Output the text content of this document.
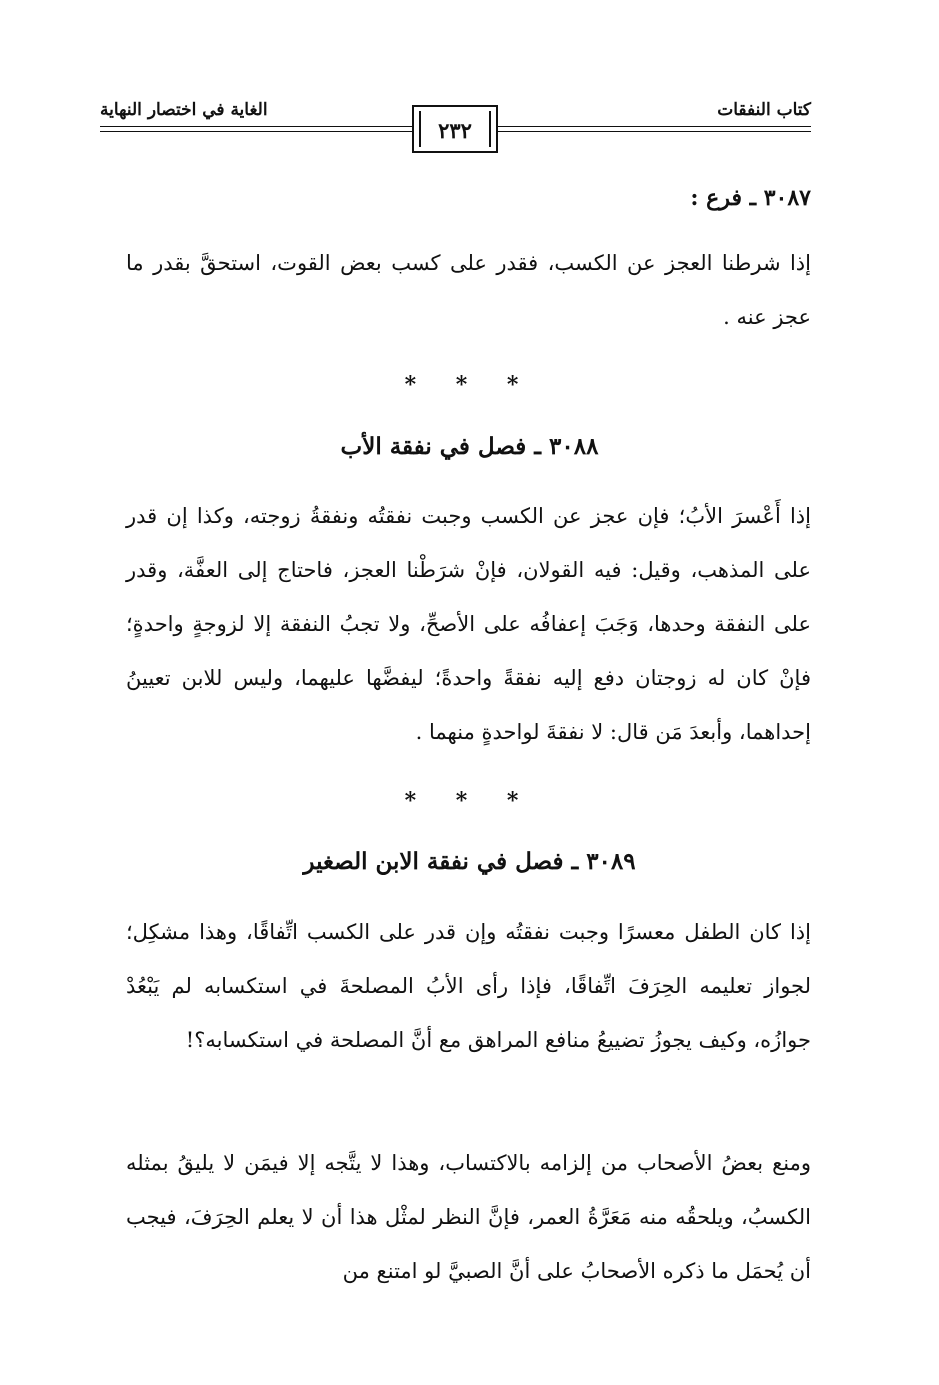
كتاب النفقات
الغاية في اختصار النهاية
٢٣٢
٣٠٨٧ ـ فرع :
إذا شرطنا العجز عن الكسب، فقدر على كسب بعض القوت، استحقَّ بقدر ما عجز عنه .
* * *
٣٠٨٨ ـ فصل في نفقة الأب
إذا أَعْسرَ الأبُ؛ فإن عجز عن الكسب وجبت نفقتُه ونفقةُ زوجته، وكذا إن قدر على المذهب، وقيل: فيه القولان، فإنْ شرَطْنا العجز، فاحتاج إلى العفَّة، وقدر على النفقة وحدها، وَجَبَ إعفافُه على الأصحِّ، ولا تجبُ النفقة إلا لزوجةٍ واحدةٍ؛ فإنْ كان له زوجتان دفع إليه نفقةً واحدةً؛ ليفضَّها عليهما، وليس للابن تعيينُ إحداهما، وأبعدَ مَن قال: لا نفقةَ لواحدةٍ منهما .
* * *
٣٠٨٩ ـ فصل في نفقة الابن الصغير
إذا كان الطفل معسرًا وجبت نفقتُه وإن قدر على الكسب اتِّفاقًا، وهذا مشكِل؛ لجواز تعليمه الحِرَفَ اتِّفاقًا، فإذا رأى الأبُ المصلحةَ في استكسابه لم يَبْعُدْ جوازُه، وكيف يجوزُ تضييعُ منافع المراهق مع أنَّ المصلحة في استكسابه؟!
ومنع بعضُ الأصحاب من إلزامه بالاكتساب، وهذا لا يتَّجه إلا فيمَن لا يليقُ بمثله الكسبُ، ويلحقُه منه مَعَرَّةُ العمر، فإنَّ النظر لمثْل هذا أن لا يعلم الحِرَفَ، فيجب أن يُحمَل ما ذكره الأصحابُ على أنَّ الصبيَّ لو امتنع من
